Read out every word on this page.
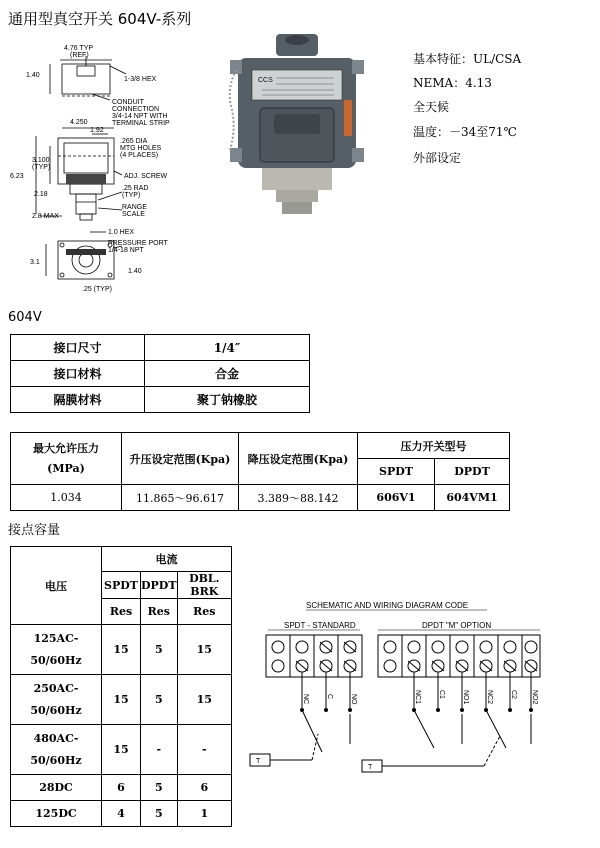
通用型真空开关 604V-系列
4.76 TYP
(REF)
1.40
1-3/8 HEX
CONDUIT
CONNECTION
3/4-14 NPT WITH
TERMINAL STRIP
4.250
1.92
.265 DIA
MTG HOLES
(4 PLACES)
3.100
(TYP)
6.23	ADJ. SCREW
.25 RAD
(TYP)
2.18
RANGE
SCALE
2.8 MAX
1.0 HEX
PRESSURE PORT
1/4-18 NPT
3.1
1.40
.25 (TYP)
CCS
基本特征：UL/CSA
NEMA：4.13
全天候
温度：－34至71℃
外部设定
604V
接口尺寸	1/4″
接口材料	合金
隔膜材料	聚丁钠橡胶
最大允许压力
(MPa)	升压设定范围(Kpa)	降压设定范围(Kpa)	压力开关型号	
			SPDT	DPDT
1.034	11.865～96.617	3.389～88.142	606V1	604VM1
接点容量
电压	电流		
	SPDT	DPDT	DBL. BRK
	Res	Res	Res
125AC-
50/60Hz	15	5	15
250AC-
50/60Hz	15	5	15
480AC-
50/60Hz	15	-	-
28DC	6	5	6
125DC	4	5	1
SCHEMATIC AND WIRING DIAGRAM CODE
SPDT - STANDARD	DPDT "M" OPTION
NC C NO	NC1 C1 NO1 NC2 C2 NO2
T
T
